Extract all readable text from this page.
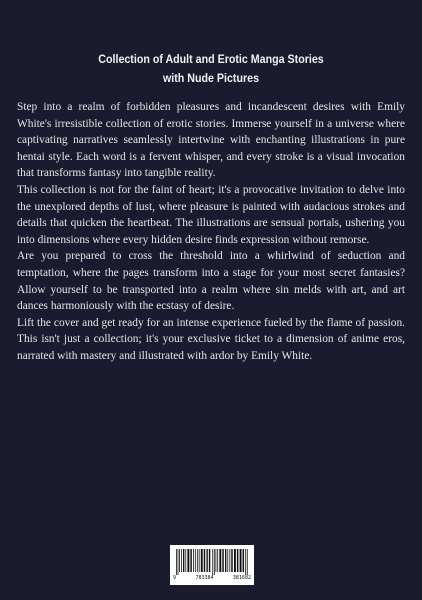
Collection of Adult and Erotic Manga Stories
with Nude Pictures

Step into a realm of forbidden pleasures and incandescent desires with Emily White's irresistible collection of erotic stories. Immerse yourself in a universe where captivating narratives seamlessly intertwine with enchanting illustrations in pure hentai style. Each word is a fervent whisper, and every stroke is a visual invocation that transforms fantasy into tangible reality.

This collection is not for the faint of heart; it's a provocative invitation to delve into the unexplored depths of lust, where pleasure is painted with audacious strokes and details that quicken the heartbeat. The illustrations are sensual portals, ushering you into dimensions where every hidden desire finds expression without remorse.

Are you prepared to cross the threshold into a whirlwind of seduction and temptation, where the pages transform into a stage for your most secret fantasies? Allow yourself to be transported into a realm where sin melds with art, and art dances harmoniously with the ecstasy of desire.

Lift the cover and get ready for an intense experience fueled by the flame of passion. This isn't just a collection; it's your exclusive ticket to a dimension of anime eros, narrated with mastery and illustrated with ardor by Emily White.

9	783384	381682
